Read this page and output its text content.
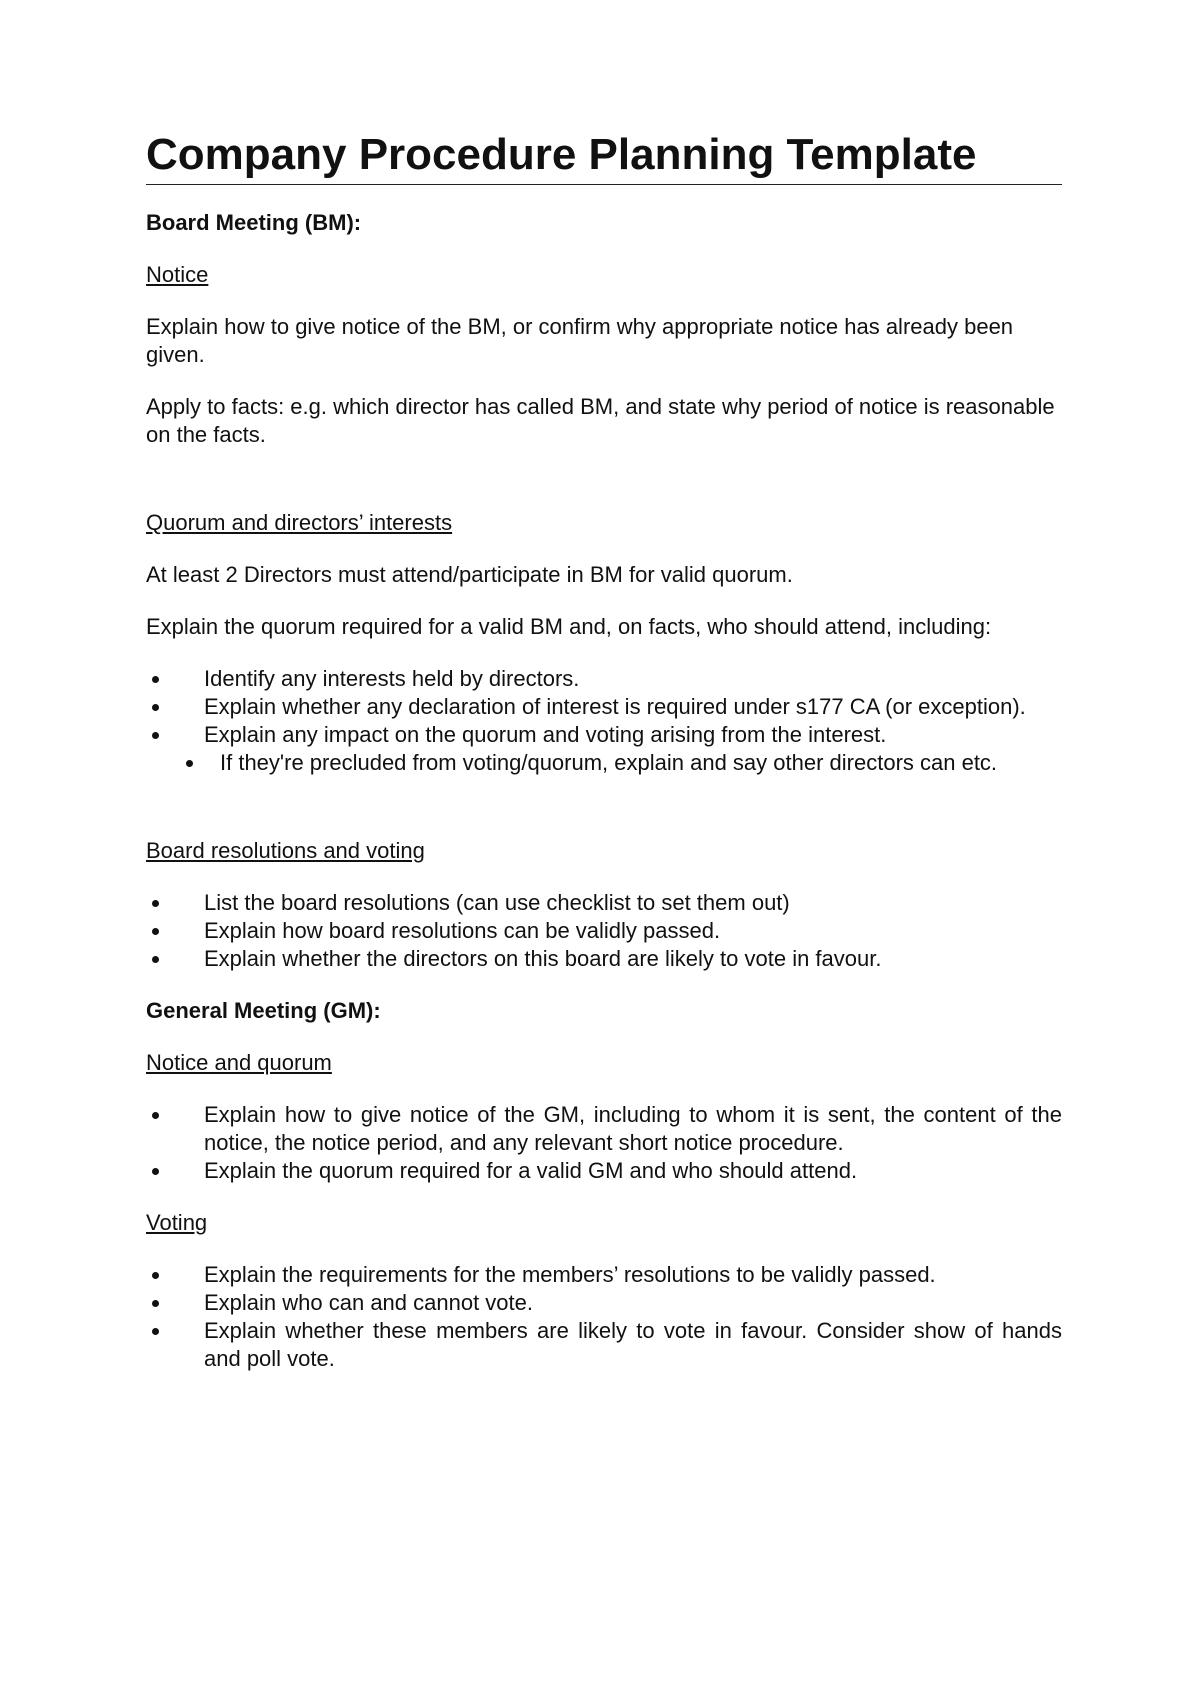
Company Procedure Planning Template
Board Meeting (BM):
Notice

Explain how to give notice of the BM, or confirm why appropriate notice has already been given.

Apply to facts: e.g. which director has called BM, and state why period of notice is reasonable on the facts.

Quorum and directors’ interests

At least 2 Directors must attend/participate in BM for valid quorum.

Explain the quorum required for a valid BM and, on facts, who should attend, including:

Identify any interests held by directors.
Explain whether any declaration of interest is required under s177 CA (or exception).
Explain any impact on the quorum and voting arising from the interest.
If they're precluded from voting/quorum, explain and say other directors can etc.
Board resolutions and voting
List the board resolutions (can use checklist to set them out)
Explain how board resolutions can be validly passed.
Explain whether the directors on this board are likely to vote in favour.
General Meeting (GM):
Notice and quorum
Explain how to give notice of the GM, including to whom it is sent, the content of the notice, the notice period, and any relevant short notice procedure.
Explain the quorum required for a valid GM and who should attend.
Voting
Explain the requirements for the members’ resolutions to be validly passed.
Explain who can and cannot vote.
Explain whether these members are likely to vote in favour. Consider show of hands and poll vote.
